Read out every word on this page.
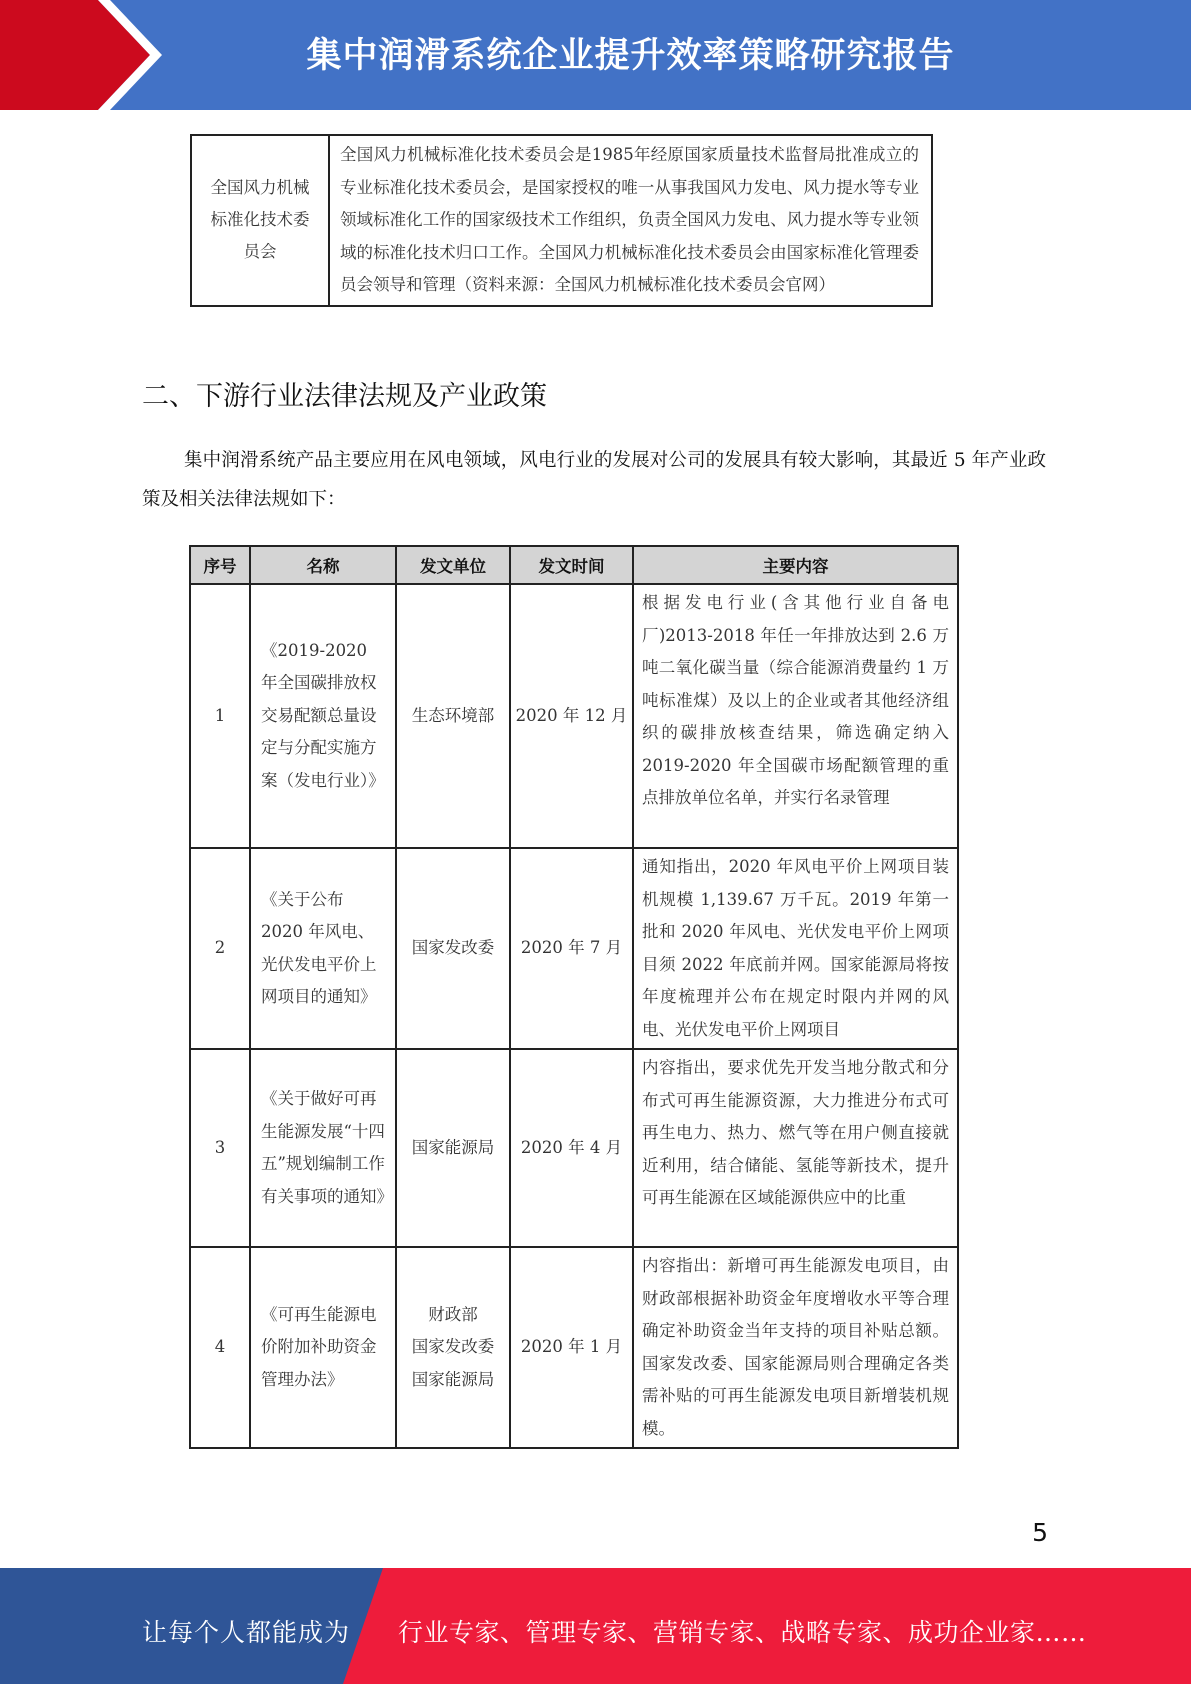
集中润滑系统企业提升效率策略研究报告
全国风力机械
标准化技术委
员会	全国风力机械标准化技术委员会是1985年经原国家质量技术监督局批准成立的专业标准化技术委员会，是国家授权的唯一从事我国风力发电、风力提水等专业领域标准化工作的国家级技术工作组织，负责全国风力发电、风力提水等专业领域的标准化技术归口工作。全国风力机械标准化技术委员会由国家标准化管理委员会领导和管理（资料来源：全国风力机械标准化技术委员会官网）
二、下游行业法律法规及产业政策

集中润滑系统产品主要应用在风电领域，风电行业的发展对公司的发展具有较大影响，其最近 5 年产业政策及相关法律法规如下：

序号	名称	发文单位	发文时间	主要内容
1	《2019-2020 年全国碳排放权交易配额总量设定与分配实施方案（发电行业）》	生态环境部	2020 年 12 月	根据发电行业(含其他行业自备电厂)2013-2018 年任一年排放达到 2.6 万吨二氧化碳当量（综合能源消费量约 1 万吨标准煤）及以上的企业或者其他经济组织的碳排放核查结果，筛选确定纳入 2019-2020 年全国碳市场配额管理的重点排放单位名单，并实行名录管理
2	《关于公布 2020 年风电、光伏发电平价上网项目的通知》	国家发改委	2020 年 7 月	通知指出，2020 年风电平价上网项目装机规模 1,139.67 万千瓦。2019 年第一批和 2020 年风电、光伏发电平价上网项目须 2022 年底前并网。国家能源局将按年度梳理并公布在规定时限内并网的风电、光伏发电平价上网项目
3	《关于做好可再生能源发展“十四五”规划编制工作有关事项的通知》	国家能源局	2020 年 4 月	内容指出，要求优先开发当地分散式和分布式可再生能源资源，大力推进分布式可再生电力、热力、燃气等在用户侧直接就近利用，结合储能、氢能等新技术，提升可再生能源在区域能源供应中的比重
4	《可再生能源电价附加补助资金管理办法》	财政部
国家发改委
国家能源局	2020 年 1 月	内容指出：新增可再生能源发电项目，由财政部根据补助资金年度增收水平等合理确定补助资金当年支持的项目补贴总额。国家发改委、国家能源局则合理确定各类需补贴的可再生能源发电项目新增装机规模。
5
让每个人都能成为 行业专家、管理专家、营销专家、战略专家、成功企业家……
